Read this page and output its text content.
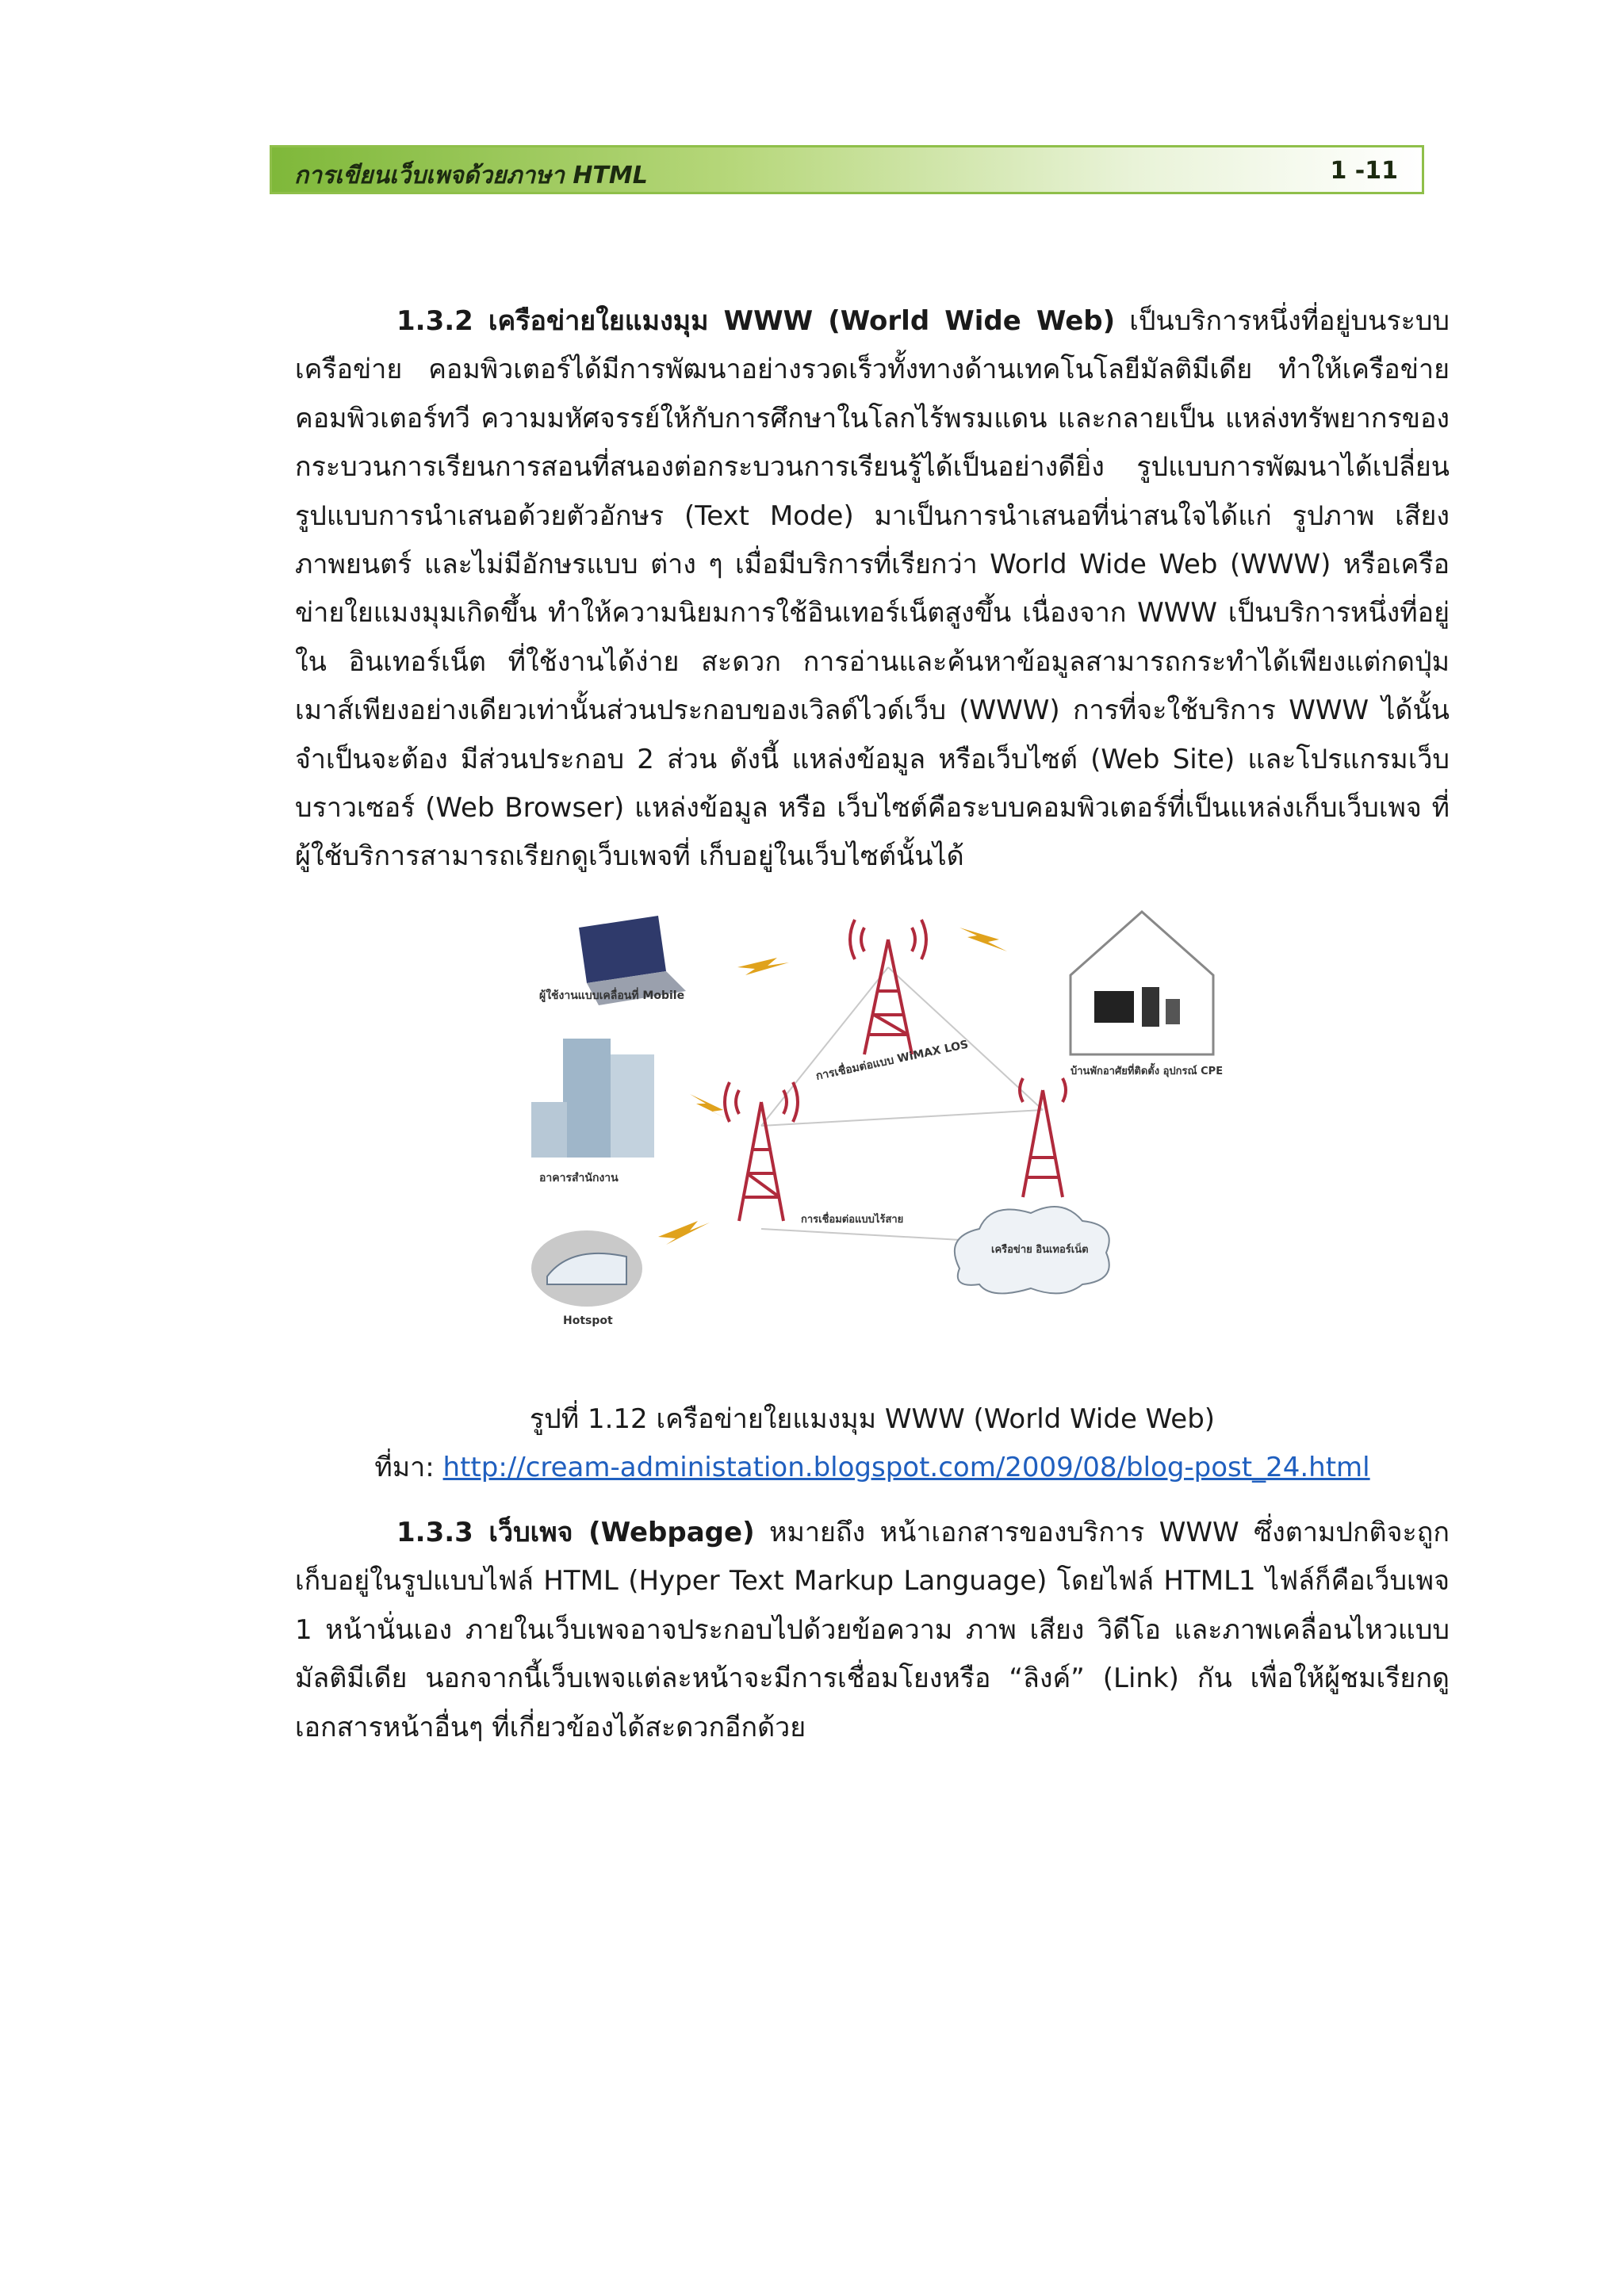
การเขียนเว็บเพจด้วยภาษา HTML	1 -11

1.3.2 เครือข่ายใยแมงมุม WWW (World Wide Web) เป็นบริการหนึ่งที่อยู่บนระบบเครือข่าย คอมพิวเตอร์ได้มีการพัฒนาอย่างรวดเร็วทั้งทางด้านเทคโนโลยีมัลติมีเดีย ทำให้เครือข่ายคอมพิวเตอร์ทวี ความมหัศจรรย์ให้กับการศึกษาในโลกไร้พรมแดน และกลายเป็น แหล่งทรัพยากรของกระบวนการเรียนการสอนที่สนองต่อกระบวนการเรียนรู้ได้เป็นอย่างดียิ่ง รูปแบบการพัฒนาได้เปลี่ยนรูปแบบการนำเสนอด้วยตัวอักษร (Text Mode) มาเป็นการนำเสนอที่น่าสนใจได้แก่ รูปภาพ เสียง ภาพยนตร์ และไม่มีอักษรแบบ ต่าง ๆ เมื่อมีบริการที่เรียกว่า World Wide Web (WWW) หรือเครือข่ายใยแมงมุมเกิดขึ้น ทำให้ความนิยมการใช้อินเทอร์เน็ตสูงขึ้น เนื่องจาก WWW เป็นบริการหนึ่งที่อยู่ใน อินเทอร์เน็ต ที่ใช้งานได้ง่าย สะดวก การอ่านและค้นหาข้อมูลสามารถกระทำได้เพียงแต่กดปุ่มเมาส์เพียงอย่างเดียวเท่านั้นส่วนประกอบของเวิลด์ไวด์เว็บ (WWW) การที่จะใช้บริการ WWW ได้นั้นจำเป็นจะต้อง มีส่วนประกอบ 2 ส่วน ดังนี้ แหล่งข้อมูล หรือเว็บไซต์ (Web Site) และโปรแกรมเว็บบราวเซอร์ (Web Browser) แหล่งข้อมูล หรือ เว็บไซต์คือระบบคอมพิวเตอร์ที่เป็นแหล่งเก็บเว็บเพจ ที่ผู้ใช้บริการสามารถเรียกดูเว็บเพจที่ เก็บอยู่ในเว็บไซต์นั้นได้

ผู้ใช้งานแบบเคลื่อนที่ Mobile
อาคารสำนักงาน
การเชื่อมต่อแบบ WiMAX LOS	บ้านพักอาศัยที่ติดตั้ง อุปกรณ์ CPE
Hotspot
การเชื่อมต่อแบบไร้สาย
เครือข่าย อินเทอร์เน็ต
รูปที่ 1.12 เครือข่ายใยแมงมุม WWW (World Wide Web)
ที่มา: http://cream-administation.blogspot.com/2009/08/blog-post_24.html

1.3.3 เว็บเพจ (Webpage) หมายถึง หน้าเอกสารของบริการ WWW ซึ่งตามปกติจะถูกเก็บอยู่ในรูปแบบไฟล์ HTML (Hyper Text Markup Language) โดยไฟล์ HTML1 ไฟล์ก็คือเว็บเพจ 1 หน้านั่นเอง ภายในเว็บเพจอาจประกอบไปด้วยข้อความ ภาพ เสียง วิดีโอ และภาพเคลื่อนไหวแบบมัลติมีเดีย นอกจากนี้เว็บเพจแต่ละหน้าจะมีการเชื่อมโยงหรือ “ลิงค์” (Link) กัน เพื่อให้ผู้ชมเรียกดูเอกสารหน้าอื่นๆ ที่เกี่ยวข้องได้สะดวกอีกด้วย
